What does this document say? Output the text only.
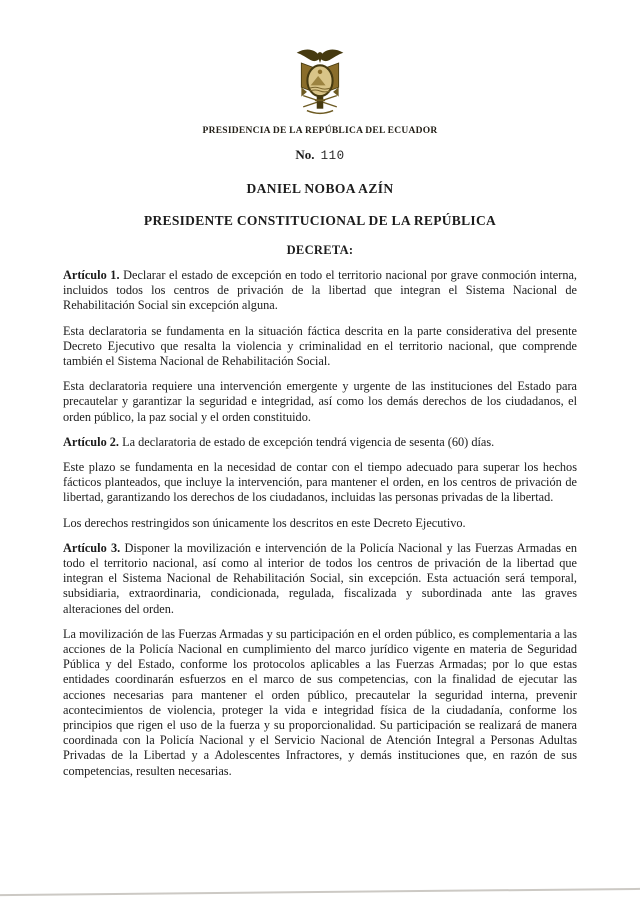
PRESIDENCIA DE LA REPÚBLICA DEL ECUADOR
No. 110
DANIEL NOBOA AZÍN
PRESIDENTE CONSTITUCIONAL DE LA REPÚBLICA
DECRETA:

Artículo 1. Declarar el estado de excepción en todo el territorio nacional por grave conmoción interna, incluidos todos los centros de privación de la libertad que integran el Sistema Nacional de Rehabilitación Social sin excepción alguna.

Esta declaratoria se fundamenta en la situación fáctica descrita en la parte considerativa del presente Decreto Ejecutivo que resalta la violencia y criminalidad en el territorio nacional, que comprende también el Sistema Nacional de Rehabilitación Social.

Esta declaratoria requiere una intervención emergente y urgente de las instituciones del Estado para precautelar y garantizar la seguridad e integridad, así como los demás derechos de los ciudadanos, el orden público, la paz social y el orden constituido.

Artículo 2. La declaratoria de estado de excepción tendrá vigencia de sesenta (60) días.

Este plazo se fundamenta en la necesidad de contar con el tiempo adecuado para superar los hechos fácticos planteados, que incluye la intervención, para mantener el orden, en los centros de privación de libertad, garantizando los derechos de los ciudadanos, incluidas las personas privadas de la libertad.

Los derechos restringidos son únicamente los descritos en este Decreto Ejecutivo.

Artículo 3. Disponer la movilización e intervención de la Policía Nacional y las Fuerzas Armadas en todo el territorio nacional, así como al interior de todos los centros de privación de la libertad que integran el Sistema Nacional de Rehabilitación Social, sin excepción. Esta actuación será temporal, subsidiaria, extraordinaria, condicionada, regulada, fiscalizada y subordinada ante las graves alteraciones del orden.

La movilización de las Fuerzas Armadas y su participación en el orden público, es complementaria a las acciones de la Policía Nacional en cumplimiento del marco jurídico vigente en materia de Seguridad Pública y del Estado, conforme los protocolos aplicables a las Fuerzas Armadas; por lo que estas entidades coordinarán esfuerzos en el marco de sus competencias, con la finalidad de ejecutar las acciones necesarias para mantener el orden público, precautelar la seguridad interna, prevenir acontecimientos de violencia, proteger la vida e integridad física de la ciudadanía, conforme los principios que rigen el uso de la fuerza y su proporcionalidad. Su participación se realizará de manera coordinada con la Policía Nacional y el Servicio Nacional de Atención Integral a Personas Adultas Privadas de la Libertad y a Adolescentes Infractores, y demás instituciones que, en razón de sus competencias, resulten necesarias.
